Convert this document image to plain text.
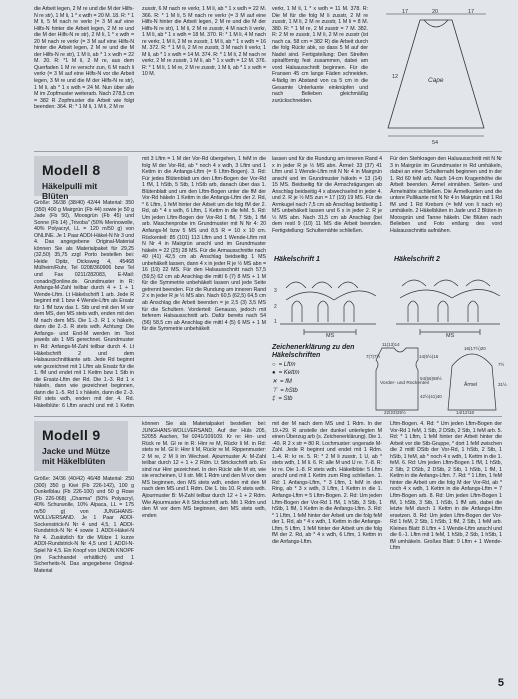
die Arbeit legen, 2 M re und die M der Hilfs-N re str), 1 M li, 1 * x wdh = 20 M. 18. R: * 1 M li, 5 M nach re verkr (= 3 M auf eine Hilfs-N hinter die Arbeit legen, 2 M re und die M der Hilfs-N re str), 2 M li, 1 * x wdh = 20 M nach re verkr (= 3 M auf eine Hilfs-N hinter die Arbeit legen, 2 M re und die M der Hilfs-N re str), 1 M li, ab * 1 x wdh = 22 M. 20. R: *1 M li, 2 M re, aus dem Querfaden 1 M re verschr zun, 6 M nach li verkr (= 3 M auf eine Hilfs-N vor die Arbeit legen, 3 M re und die M der Hilfs-N re str), 1 M li, ab * 1 x wdh = 24 M. Nun über alle M im Zopfmuster weiterarb. Nach 278,5 cm = 382 R Zopfmuster die Arbeit wie folgt beenden: 364. R: * 1 M li, 1 M li, 2 M re

zusstr, 6 M nach re verkr, 1 M li, ab * 1 x wdh = 22 M. 366. R: * 1 M li, 5 M nach re verkr (= 3 M auf eine Hilfs-N hinter die Arbeit legen, 2 M re und die M der Hilfs-N re str), 1 M li, 2 M re zusstr, 4 M nach li verkr, 1 M li, ab * 1 x wdh = 18 M. 370. R: * 1 M li, 4 M nach re verkr, 1 M li, 2 M re zusstr, 1 M li, ab * 1 x wdh = 16 M. 372. R: * 1 M li, 2 M re zusstr, 3 M nach li verkr, 1 M li, ab * 1 x wdh = 14 M. 374. R: * 1 M li, 2 M nach re verkr, 2 M re zusstr, 1 M li, ab * 1 x wdh = 12 M. 376. R: * 1 M li, 1 M re, 2 M re zusstr, 1 M li, ab * 1 x wdh = 10 M.

verkr, 1 M li, 1 * x wdh = 11 M. 378. R: Die M für die folg M li zusstr, 2 M re zusstr, 1 M li, 2 M re zusstr, 1 M li = 8 M. 380. R: * 1 M re, 2 M zusstr = 7 M. 382. R: 2 M re zusstr, 1 M li, 2 M re zusstr (ist nach ca. 58 cm = 382 R) die Arbeit durch die folg Rückr abk, so dass 5 M auf der Nadel sind. Fertigstellung: Den Streifen spiralförmig fest zusammen, dabei am vord Halsausschnitt beginnen. Für die Fransen 45 cm lange Fäden schneiden. 4-fädig im Abstand von ca 5 cm in die Gesamte Unterkante einknüpfen und nach Belieben gleichmäßig zurückschneiden.

17	20	17
Cape
12
54
Modell 8
Häkelpulli mit Blüten

Größe: 36/38 (38/40) 42/44 Material: 350 (350) 400 g Mairgrün (Fb 44) sowie je 50 g Jade (Fb 50), Moosgrün (Fb 45) und Sonne (Fb 14) „Trivoba" (50% Merinowolle, 40% Polyacryl, LL = 120 m/50 g) von ONLINE. Je 1 Paar ADDI-Häkel-N Nr 3 und 4. Das angegebene Original-Material können Sie als Materialpaket für 29,25 (32,50) 35,75 zzgl Porto bestellen bei: Heide Opitz, Dicksweg 4, 45468 Mülheim/Ruhr, Tel 0208/360906 bzw Tel und Fax 0211/282083, E-Mail: conado@online.de. Grundmuster in R: Anfangs-M-Zahl teilbar durch 4 + 1 + 1 Wende-Lftm. Lt Häkelschrift 1 arb. Jede R beginnt mit 1 bzw 4 Wende-Lftm als Ersatz für 1 fM bzw das 1. Stb und mit den M vor dem MS, den MS stets wdh, enden mit den M nach dem MS. Die 1.-3. R 1 x häkeln, dann die 2.-3. R stets wdh. Achtung: Die Anfangs- und End-M werden im Text jeweils als 1 MS gerechnet. Grundmuster in Rd: Anfangs-M-Zahl teilbar durch 4. Lt Häkelschrift 2 und dem Halsausschnittkante arb. Jede Rd beginnt wie gezeichnet mit 1 Lftm als Ersatz für die 1. fM und endet mit 1 Kettm bzw 1 Stb in die Ersatz-Lftm der Rd. Die 1.-3. Rd 1 x häkeln, dann wie gezeichnet beginnen, dann die 1.-5. Rd 1 x häkeln, dann die 2.-3. Rd stets wdh, enden mit der 4. Rd. Häkelblüte: 6 Lftm anschl und mit 1 Kettm

mit 3 Lftm = 1 M der Vor-Rd übergehen, 1 feM in die folg M der Vor-Rd, ab * noch 4 x wdh, 3 Lftm und 1 Kettm in die Anfangs-Lftm (= 6 Lftm-Bogen). 3. Rd: Für jedes Blütenblatt um den Lftm-Bogen der Vor-Rd 1 fM, 1 hStb, 5 Stb, 1 hStb arb, danach über das 1. Blütenblatt und um den Lftm-Bogen unter die fM der Vor-Rd häkeln 1 Kettm in die Anfangs-Lftm der 2. Rd, * 6 Lftm, 1 feM hinter der Arbeit um die folg fM der 2. Rd, ab * 4 x wdh, 6 Lftm, 1 Kettm in die feM. 5. Rd: Um jeden Lftm-Bogen der Vor-Rd 1 fM, 7 Stb, 1 fM arb. Maschenprobe im Grundmuster mit N Nr 4: 20 Anfangs-M bzw 5 MS und 8,5 R = 10 x 10 cm. Rückenteil: 85 (101) 113 Lftm und 1 Wende-Lftm mit N Nr 4 in Mairgrün anschl und im Grundmuster häkeln = 22 (25) 28 MS. Für die Armausschnitte nach 40 (41) 42,5 cm ab Anschlag beidseitig 1 MS unbehäkelt lassen, dann 4 x in jeder R je ½ MS abn = 16 (19) 22 MS. Für den Halsausschnitt nach 57,5 (59,5) 62 cm ab Anschlag die mittl 6 (7) 8 MS + 1 M für die Symmetrie unbehäkelt lassen und jede Seite getrennt beenden. Für die Rundung am inneren Rand 2 x in jeder R je ½ MS abn. Nach 60,5 (62,5) 64,5 cm ab Anschlag die Arbeit beenden = je 2,5 (3) 3,5 MS für die Schultern. Vorderteil: Genauso, jedoch mit tieferem Halsausschnitt arb. Dafür bereits nach 54 (56) 58,5 cm ab Anschlag die mittl 4 (5) 6 MS + 1 M für die Symmetrie unbehäkelt

lassen und für die Rundung am inneren Rand 4 x in jeder R je ½ MS abn. Ärmel: 33 (37) 41 Lftm und 1 Wende-Lftm mit N Nr 4 in Mairgrün anschl und im Grundmuster häkeln = 13 (14) 15 MS. Beidseitig für die Armschrägungen ab Anschlag beidseitig 4 x abwechselnd in jeder 4. und 2. R je ½ MS zun = 17 (19) 19 MS. Für die Armkugel nach 7,5 cm ab Anschlag beidseitig 1 MS unbehäkelt lassen und 6 x in jeder 2. R je ½ MS abn. Nach 31,5 cm ab Anschlag (bei dem restl 9 (10) 11 MS die Arbeit beenden. Fertigstellung: Schulternähte schließen.

Für den Stehkragen den Halsausschnitt mit N Nr 3 in Mairgrün im Grundmuster in Rd umhäkeln, dabei an einer Schulternaht beginnen und in der 1. Rd 60 feM arb. Nach 14-cm Kragenhöhe die Arbeit beenden. Ärmel einnähen. Seiten- und Ärmelnähte schließen. Die Ärmelkanten und die untere Pullikante mit N Nr 4 in Mairgrün mit 1 Rd fM und 1 Rd Krebsm (= feM von li nach re) umhäkeln. 2 Häkelblüten in Jade und 2 Blüten in Moosgrün und Tanne häkeln. Die Blüten nach Belieben und Foto entlang des vord Halsausschnitts aufnähen.

Häkelschrift 1	Häkelschrift 2
MS
1
2
3
MS
Zeichenerklärung zu den Häkelschriften
○ = Lftm
● = Kettm
✕ = fM
⊤ = hStb
‡ = Stb
11(13)14
7(7)7½	14(5½)16
Vorder- und Rückenteil
54(56)58½
42½(41)40
16(17½)20
Ärmel	31½
7½
14(12)16
22(23)25½
Modell 9
Jacke und Mütze mit Häkelblüten

Größe: 34/36 (40/42) 46/48 Material: 250 (300) 350 g Kiwi (Fb 226-142), 100 g Dunkelblau (Fb 226-100) und 50 g Rose (Fb 226-068) „Charma" (50% Polyacryl, 40% Schurwolle, 10% Alpaca, LL = 175 m/50 g) von JUNGHANS-WOLLVERSAND. Je 1 Paar ADDI-Sockenstrick-N Nr 4 und 4,5, 1 ADDI-Rundstrick-N Nr 4 sowie 1 ADDI-Häkel-N Nr 4. Zusätzlich für die Mütze 1 kurze ADDI-Rundstrick-N Nr 4,5 und 1 ADDI-N-Spiel Nr 4,5. Ein Knopf von UNION KNOPF (im Fachhandel erhältlich) und 1 Sicherheits-N. Das angegebene Original-Material

können Sie als Materialpaket bestellen bei: JUNGHANS-WOLLVERSAND, Auf der Hüls 205, 52055 Aachen, Tel 0241/109109. Kr re: Hin- und Rück re M. Gl re in R: Hinr re M, Rückr li M. in Rd: stets re M. Gl li: Hinr li M, Rückr re M. Rippenmuster: 2 M re, 2 M li im Wechsel. Ajourmuster A: M-Zahl teilbar durch 12 + 1 + 2 Rdm. Lt Strickschrift arb. Es sind nur Hinr gezeichnet. In den Rückr alle M str, wie sie erscheinen, U li str. Mit 1 Rdm und den M vor dem MS beginnen, den MS stets wdh, enden mit den M nach dem MS und 1 Rdm. Die 1. bis 10. R stets wdh. Ajourmuster B: M-Zahl teilbar durch 12 + 1 + 2 Rdm. Wie Ajourmuster A lt Strickschrift arb. Mit 1 Rdm und den M vor dem MS beginnen, den MS stets wdh, enden

mit der M nach dem MS und 1 Rdm. In der 19.+29. R anstelle der dunkel unterlegten M einen Überzug arb (s. Zeichenerklärung). Die 1. -40. R 2 x str = 80 R. Lochmuster: ungerade M-Zahl. Jede R beginnt und endet mit 1 Rdm. 1.-4. R: kr re. 5. R: * 2 M li zusstr, 1 U, ab * stets wdh, 1 M li. 6. R: alle M und U re. 7.-8. R: kr re. Die 1.-8. R stets wdh. Häkelblüte: 5 Lftm anschl und mit 1 Kettm zum Ring schließen. 1. Rd: 1 Anfangs-Lftm, * 3 Lftm, 1 feM in den Ring, ab * 3 x wdh, 3 Lftm, 1 Kettm in die 1. Anfangs-Lftm = 5 Lftm-Bogen. 2. Rd: Um jeden Lftm-Bogen der Vor-Rd 1 fM, 1 hStb, 3 Stb, 1 hStb, 1 fM, 1 Kettm in die Anfangs-Lftm. 3. Rd: * 1 Lftm, 1 feM hinter der Arbeit um die folg feM der 1. Rd, ab * 4 x wdh, 1 Kettm in die Anfangs-Lftm, 5 Lftm, 1 feM hinter der Arbeit um die folg fM der 2. Rd, ab * 4 x wdh, 6 Lftm, 1 Kettm in die Anfangs-Lftm.

Lftm-Bogen. 4. Rd: * Um jeden Lftm-Bogen der Vor-Rd 1 feM, 1 Stb, 2 DStb, 2 Stb, 1 feM arb. 5. Rd: * 1 Lftm, 1 feM hinter der Arbeit hinter die Arbeit vor die Stb-Gruppe, * dort 1 feM zwischen die 2 mittl DStb der Vor-Rd, 1 hStb, 2 Stb, 1 hStb, 1 feM, ab * noch 4 x wdh, 1 Kettm in die 1. feM. 6. Rd: Um jeden Lftm-Bogen 1 fM, 1 hStb, 2 Stb, 2 DStb, 2 DStb, 2 Stb, 1 hStb, 1 fM, 1 Kettm in die Anfangs-Lftm. 7. Rd: * 1 Lftm, 1 feM hinter die Arbeit um die folg M der Vor-Rd, ab * noch 4 x wdh, 1 Kettm in die Anfangs-Lftm = 7 Lftm-Bogen arb. 8. Rd: Um jeden Lftm-Bogen 1 fM, 1 hStb, 3 Stb, 1 hStb, 1 fM arb, dabei die letzte feM durch 1 Kettm in die Anfangs-Lftm ersetzen. 8. Rd: Um jeden Lftm-Bogen der Vor-Rd 1 feM, 2 Stb, 1 hStb, 1 fM, 2 Stb, 1 feM arb. Kleines Blatt: 8 Lftm + 1 Wende-Lftm anschl und die 6.-1. Lftm mit 1 feM, 1 hStb, 2 Stb, 1 hStb, 1 fM umhäkeln. Großes Blatt: 9 Lftm + 1 Wende-Lftm

5
